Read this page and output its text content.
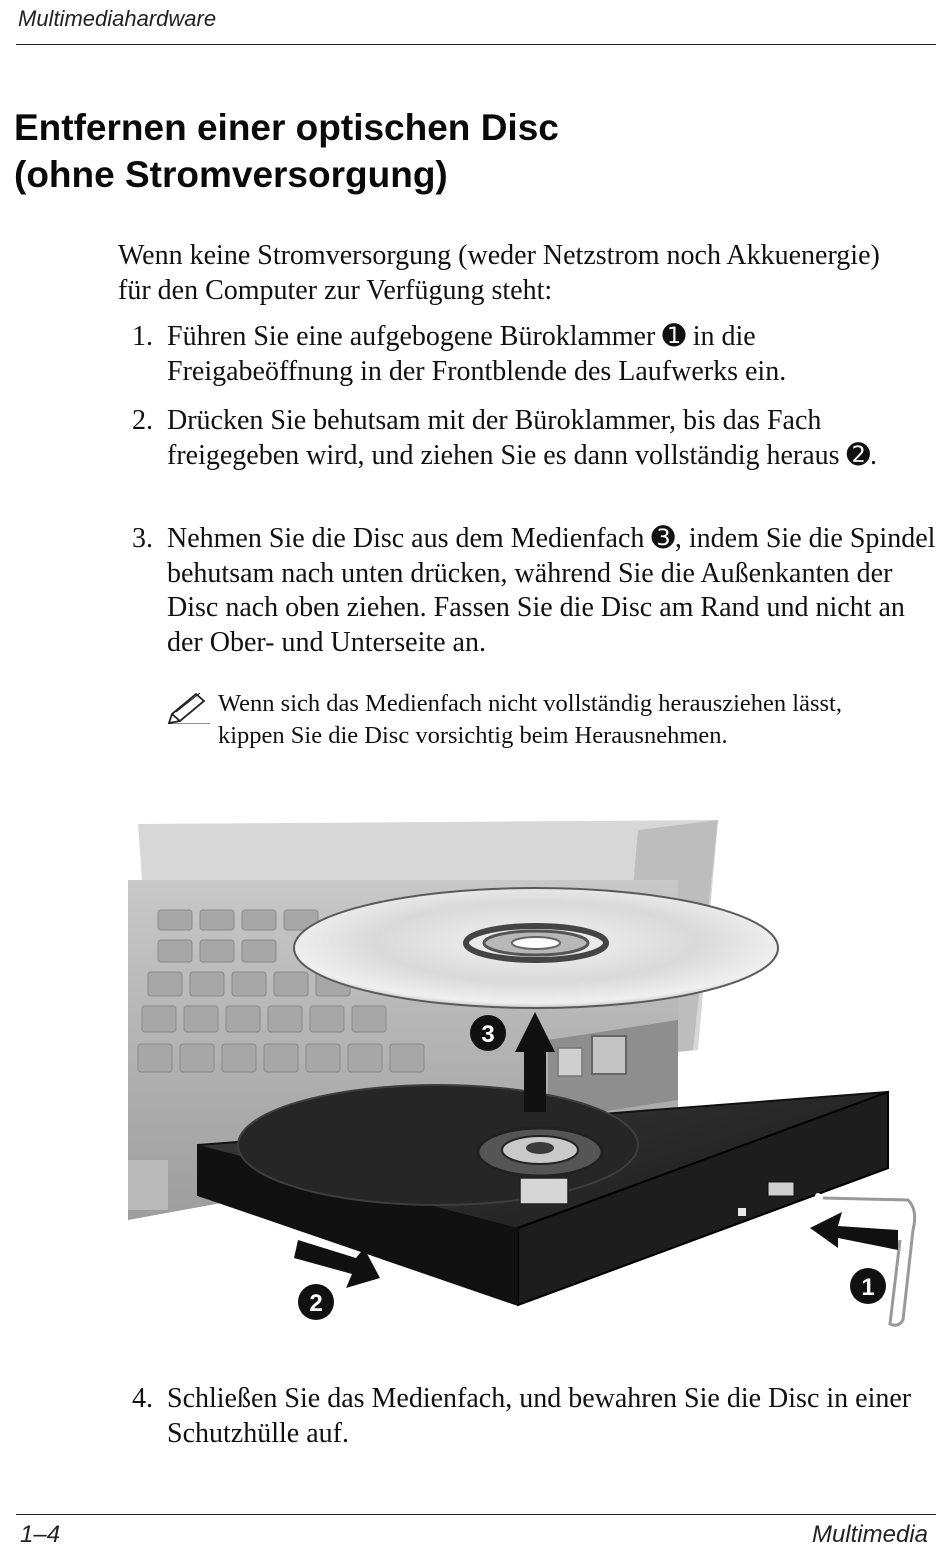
Multimediahardware
Entfernen einer optischen Disc
(ohne Stromversorgung)

Wenn keine Stromversorgung (weder Netzstrom noch Akkuenergie) für den Computer zur Verfügung steht:

1. Führen Sie eine aufgebogene Büroklammer ➊ in die Freigabeöffnung in der Frontblende des Laufwerks ein.
2. Drücken Sie behutsam mit der Büroklammer, bis das Fach freigegeben wird, und ziehen Sie es dann vollständig heraus ➋.
3. Nehmen Sie die Disc aus dem Medienfach ➌, indem Sie die Spindel behutsam nach unten drücken, während Sie die Außenkanten der Disc nach oben ziehen. Fassen Sie die Disc am Rand und nicht an der Ober- und Unterseite an.
Wenn sich das Medienfach nicht vollständig herausziehen lässt, kippen Sie die Disc vorsichtig beim Herausnehmen.
3
2
1
4. Schließen Sie das Medienfach, und bewahren Sie die Disc in einer Schutzhülle auf.
1–4	Multimedia
